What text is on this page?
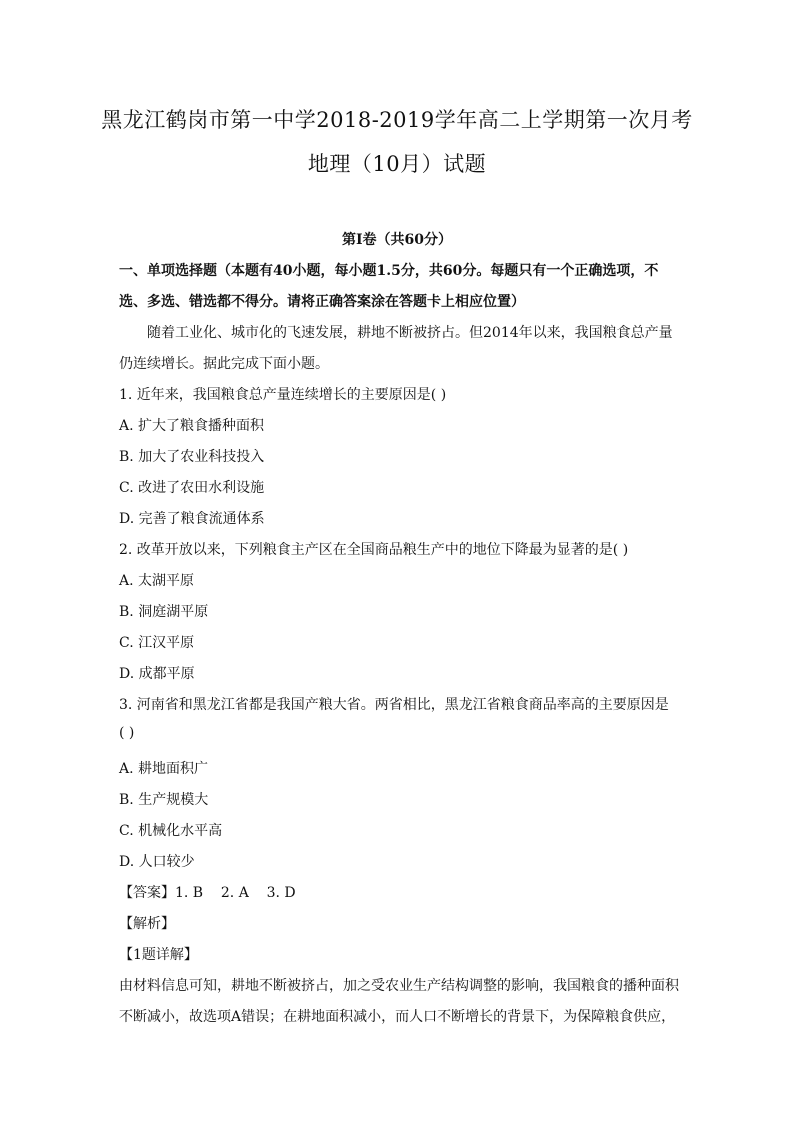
黑龙江鹤岗市第一中学2018-2019学年高二上学期第一次月考
地理（10月）试题
第Ⅰ卷（共60分）
一、单项选择题（本题有40小题，每小题1.5分，共60分。每题只有一个正确选项，不
选、多选、错选都不得分。请将正确答案涂在答题卡上相应位置）
随着工业化、城市化的飞速发展，耕地不断被挤占。但2014年以来，我国粮食总产量
仍连续增长。据此完成下面小题。
1. 近年来，我国粮食总产量连续增长的主要原因是( )
A. 扩大了粮食播种面积
B. 加大了农业科技投入
C. 改进了农田水利设施
D. 完善了粮食流通体系
2. 改革开放以来，下列粮食主产区在全国商品粮生产中的地位下降最为显著的是( )
A. 太湖平原
B. 洞庭湖平原
C. 江汉平原
D. 成都平原
3. 河南省和黑龙江省都是我国产粮大省。两省相比，黑龙江省粮食商品率高的主要原因是
( )
A. 耕地面积广
B. 生产规模大
C. 机械化水平高
D. 人口较少
【答案】1. B    2. A    3. D
【解析】
【1题详解】
由材料信息可知，耕地不断被挤占，加之受农业生产结构调整的影响，我国粮食的播种面积
不断减小，故选项A错误；在耕地面积减小，而人口不断增长的背景下，为保障粮食供应，
